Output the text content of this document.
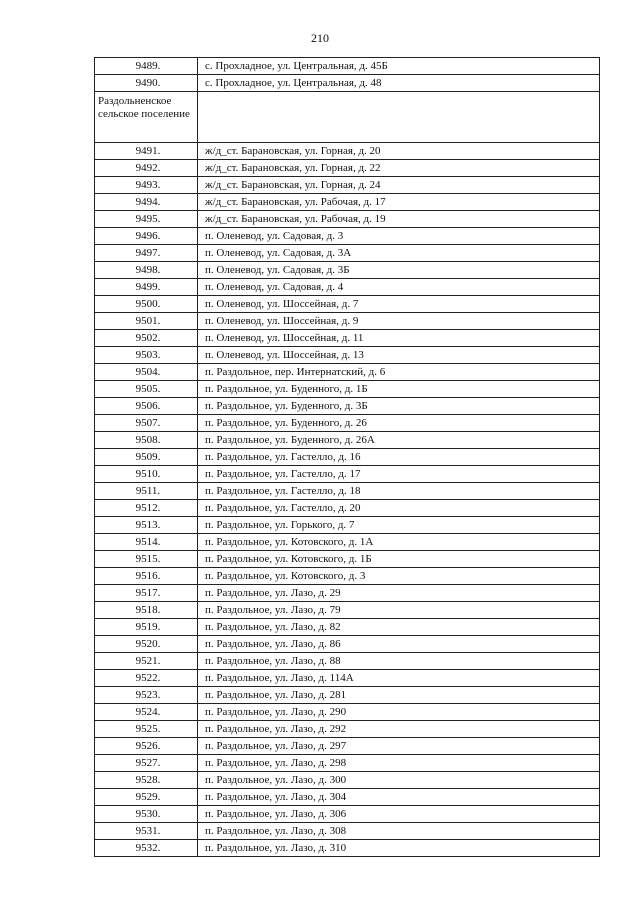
210
9489.	с. Прохладное, ул. Центральная, д. 45Б
9490.	с. Прохладное, ул. Центральная, д. 48
Раздольненское сельское поселение	
9491.	ж/д_ст. Барановская, ул. Горная, д. 20
9492.	ж/д_ст. Барановская, ул. Горная, д. 22
9493.	ж/д_ст. Барановская, ул. Горная, д. 24
9494.	ж/д_ст. Барановская, ул. Рабочая, д. 17
9495.	ж/д_ст. Барановская, ул. Рабочая, д. 19
9496.	п. Оленевод, ул. Садовая, д. 3
9497.	п. Оленевод, ул. Садовая, д. 3А
9498.	п. Оленевод, ул. Садовая, д. 3Б
9499.	п. Оленевод, ул. Садовая, д. 4
9500.	п. Оленевод, ул. Шоссейная, д. 7
9501.	п. Оленевод, ул. Шоссейная, д. 9
9502.	п. Оленевод, ул. Шоссейная, д. 11
9503.	п. Оленевод, ул. Шоссейная, д. 13
9504.	п. Раздольное, пер. Интернатский, д. 6
9505.	п. Раздольное, ул. Буденного, д. 1Б
9506.	п. Раздольное, ул. Буденного, д. 3Б
9507.	п. Раздольное, ул. Буденного, д. 26
9508.	п. Раздольное, ул. Буденного, д. 26А
9509.	п. Раздольное, ул. Гастелло, д. 16
9510.	п. Раздольное, ул. Гастелло, д. 17
9511.	п. Раздольное, ул. Гастелло, д. 18
9512.	п. Раздольное, ул. Гастелло, д. 20
9513.	п. Раздольное, ул. Горького, д. 7
9514.	п. Раздольное, ул. Котовского, д. 1А
9515.	п. Раздольное, ул. Котовского, д. 1Б
9516.	п. Раздольное, ул. Котовского, д. 3
9517.	п. Раздольное, ул. Лазо, д. 29
9518.	п. Раздольное, ул. Лазо, д. 79
9519.	п. Раздольное, ул. Лазо, д. 82
9520.	п. Раздольное, ул. Лазо, д. 86
9521.	п. Раздольное, ул. Лазо, д. 88
9522.	п. Раздольное, ул. Лазо, д. 114А
9523.	п. Раздольное, ул. Лазо, д. 281
9524.	п. Раздольное, ул. Лазо, д. 290
9525.	п. Раздольное, ул. Лазо, д. 292
9526.	п. Раздольное, ул. Лазо, д. 297
9527.	п. Раздольное, ул. Лазо, д. 298
9528.	п. Раздольное, ул. Лазо, д. 300
9529.	п. Раздольное, ул. Лазо, д. 304
9530.	п. Раздольное, ул. Лазо, д. 306
9531.	п. Раздольное, ул. Лазо, д. 308
9532.	п. Раздольное, ул. Лазо, д. 310
